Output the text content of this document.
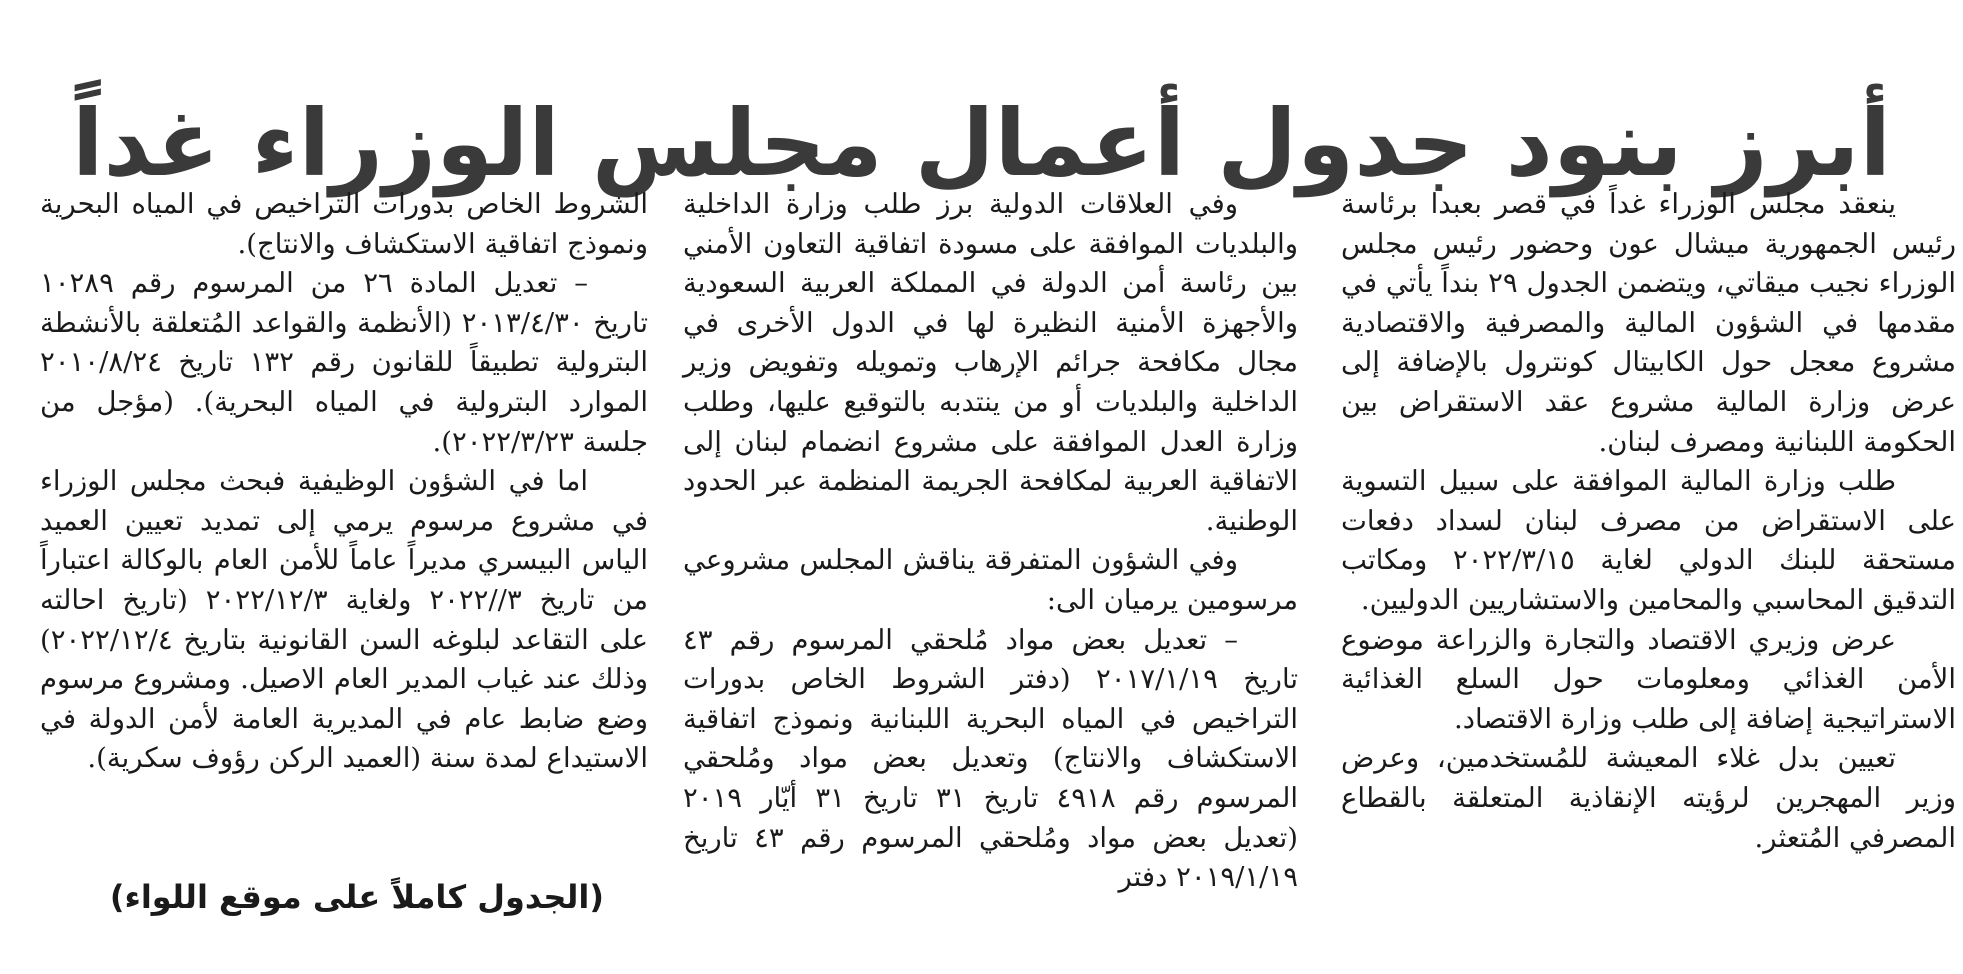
أبرز بنود جدول أعمال مجلس الوزراء غداً

ينعقد مجلس الوزراء غداً في قصر بعبدا برئاسة رئيس الجمهورية ميشال عون وحضور رئيس مجلس الوزراء نجيب ميقاتي، ويتضمن الجدول ٢٩ بنداً يأتي في مقدمها في الشؤون المالية والمصرفية والاقتصادية مشروع معجل حول الكابيتال كونترول بالإضافة إلى عرض وزارة المالية مشروع عقد الاستقراض بين الحكومة اللبنانية ومصرف لبنان.

طلب وزارة المالية الموافقة على سبيل التسوية على الاستقراض من مصرف لبنان لسداد دفعات مستحقة للبنك الدولي لغاية ٢٠٢٢/٣/١٥ ومكاتب التدقيق المحاسبي والمحامين والاستشاريين الدوليين.

عرض وزيري الاقتصاد والتجارة والزراعة موضوع الأمن الغذائي ومعلومات حول السلع الغذائية الاستراتيجية إضافة إلى طلب وزارة الاقتصاد.

تعيين بدل غلاء المعيشة للمُستخدمين، وعرض وزير المهجرين لرؤيته الإنقاذية المتعلقة بالقطاع المصرفي المُتعثر.

وفي العلاقات الدولية برز طلب وزارة الداخلية والبلديات الموافقة على مسودة اتفاقية التعاون الأمني بين رئاسة أمن الدولة في المملكة العربية السعودية والأجهزة الأمنية النظيرة لها في الدول الأخرى في مجال مكافحة جرائم الإرهاب وتمويله وتفويض وزير الداخلية والبلديات أو من ينتدبه بالتوقيع عليها، وطلب وزارة العدل الموافقة على مشروع انضمام لبنان إلى الاتفاقية العربية لمكافحة الجريمة المنظمة عبر الحدود الوطنية.

وفي الشؤون المتفرقة يناقش المجلس مشروعي مرسومين يرميان الى:

– تعديل بعض مواد مُلحقي المرسوم رقم ٤٣ تاريخ ٢٠١٧/١/١٩ (دفتر الشروط الخاص بدورات التراخيص في المياه البحرية اللبنانية ونموذج اتفاقية الاستكشاف والانتاج) وتعديل بعض مواد ومُلحقي المرسوم رقم ٤٩١٨ تاريخ ٣١ تاريخ ٣١ أيّار ٢٠١٩ (تعديل بعض مواد ومُلحقي المرسوم رقم ٤٣ تاريخ ٢٠١٩/١/١٩ دفتر

الشروط الخاص بدورات التراخيص في المياه البحرية ونموذج اتفاقية الاستكشاف والانتاج).

– تعديل المادة ٢٦ من المرسوم رقم ١٠٢٨٩ تاريخ ٢٠١٣/٤/٣٠ (الأنظمة والقواعد المُتعلقة بالأنشطة البترولية تطبيقاً للقانون رقم ١٣٢ تاريخ ٢٠١٠/٨/٢٤ الموارد البترولية في المياه البحرية). (مؤجل من جلسة ٢٠٢٢/٣/٢٣).

اما في الشؤون الوظيفية فبحث مجلس الوزراء في مشروع مرسوم يرمي إلى تمديد تعيين العميد الياس البيسري مديراً عاماً للأمن العام بالوكالة اعتباراً من تاريخ ٣//٢٠٢٢ ولغاية ٢٠٢٢/١٢/٣ (تاريخ احالته على التقاعد لبلوغه السن القانونية بتاريخ ٢٠٢٢/١٢/٤) وذلك عند غياب المدير العام الاصيل. ومشروع مرسوم وضع ضابط عام في المديرية العامة لأمن الدولة في الاستيداع لمدة سنة (العميد الركن رؤوف سكرية).

(الجدول كاملاً على موقع اللواء)
